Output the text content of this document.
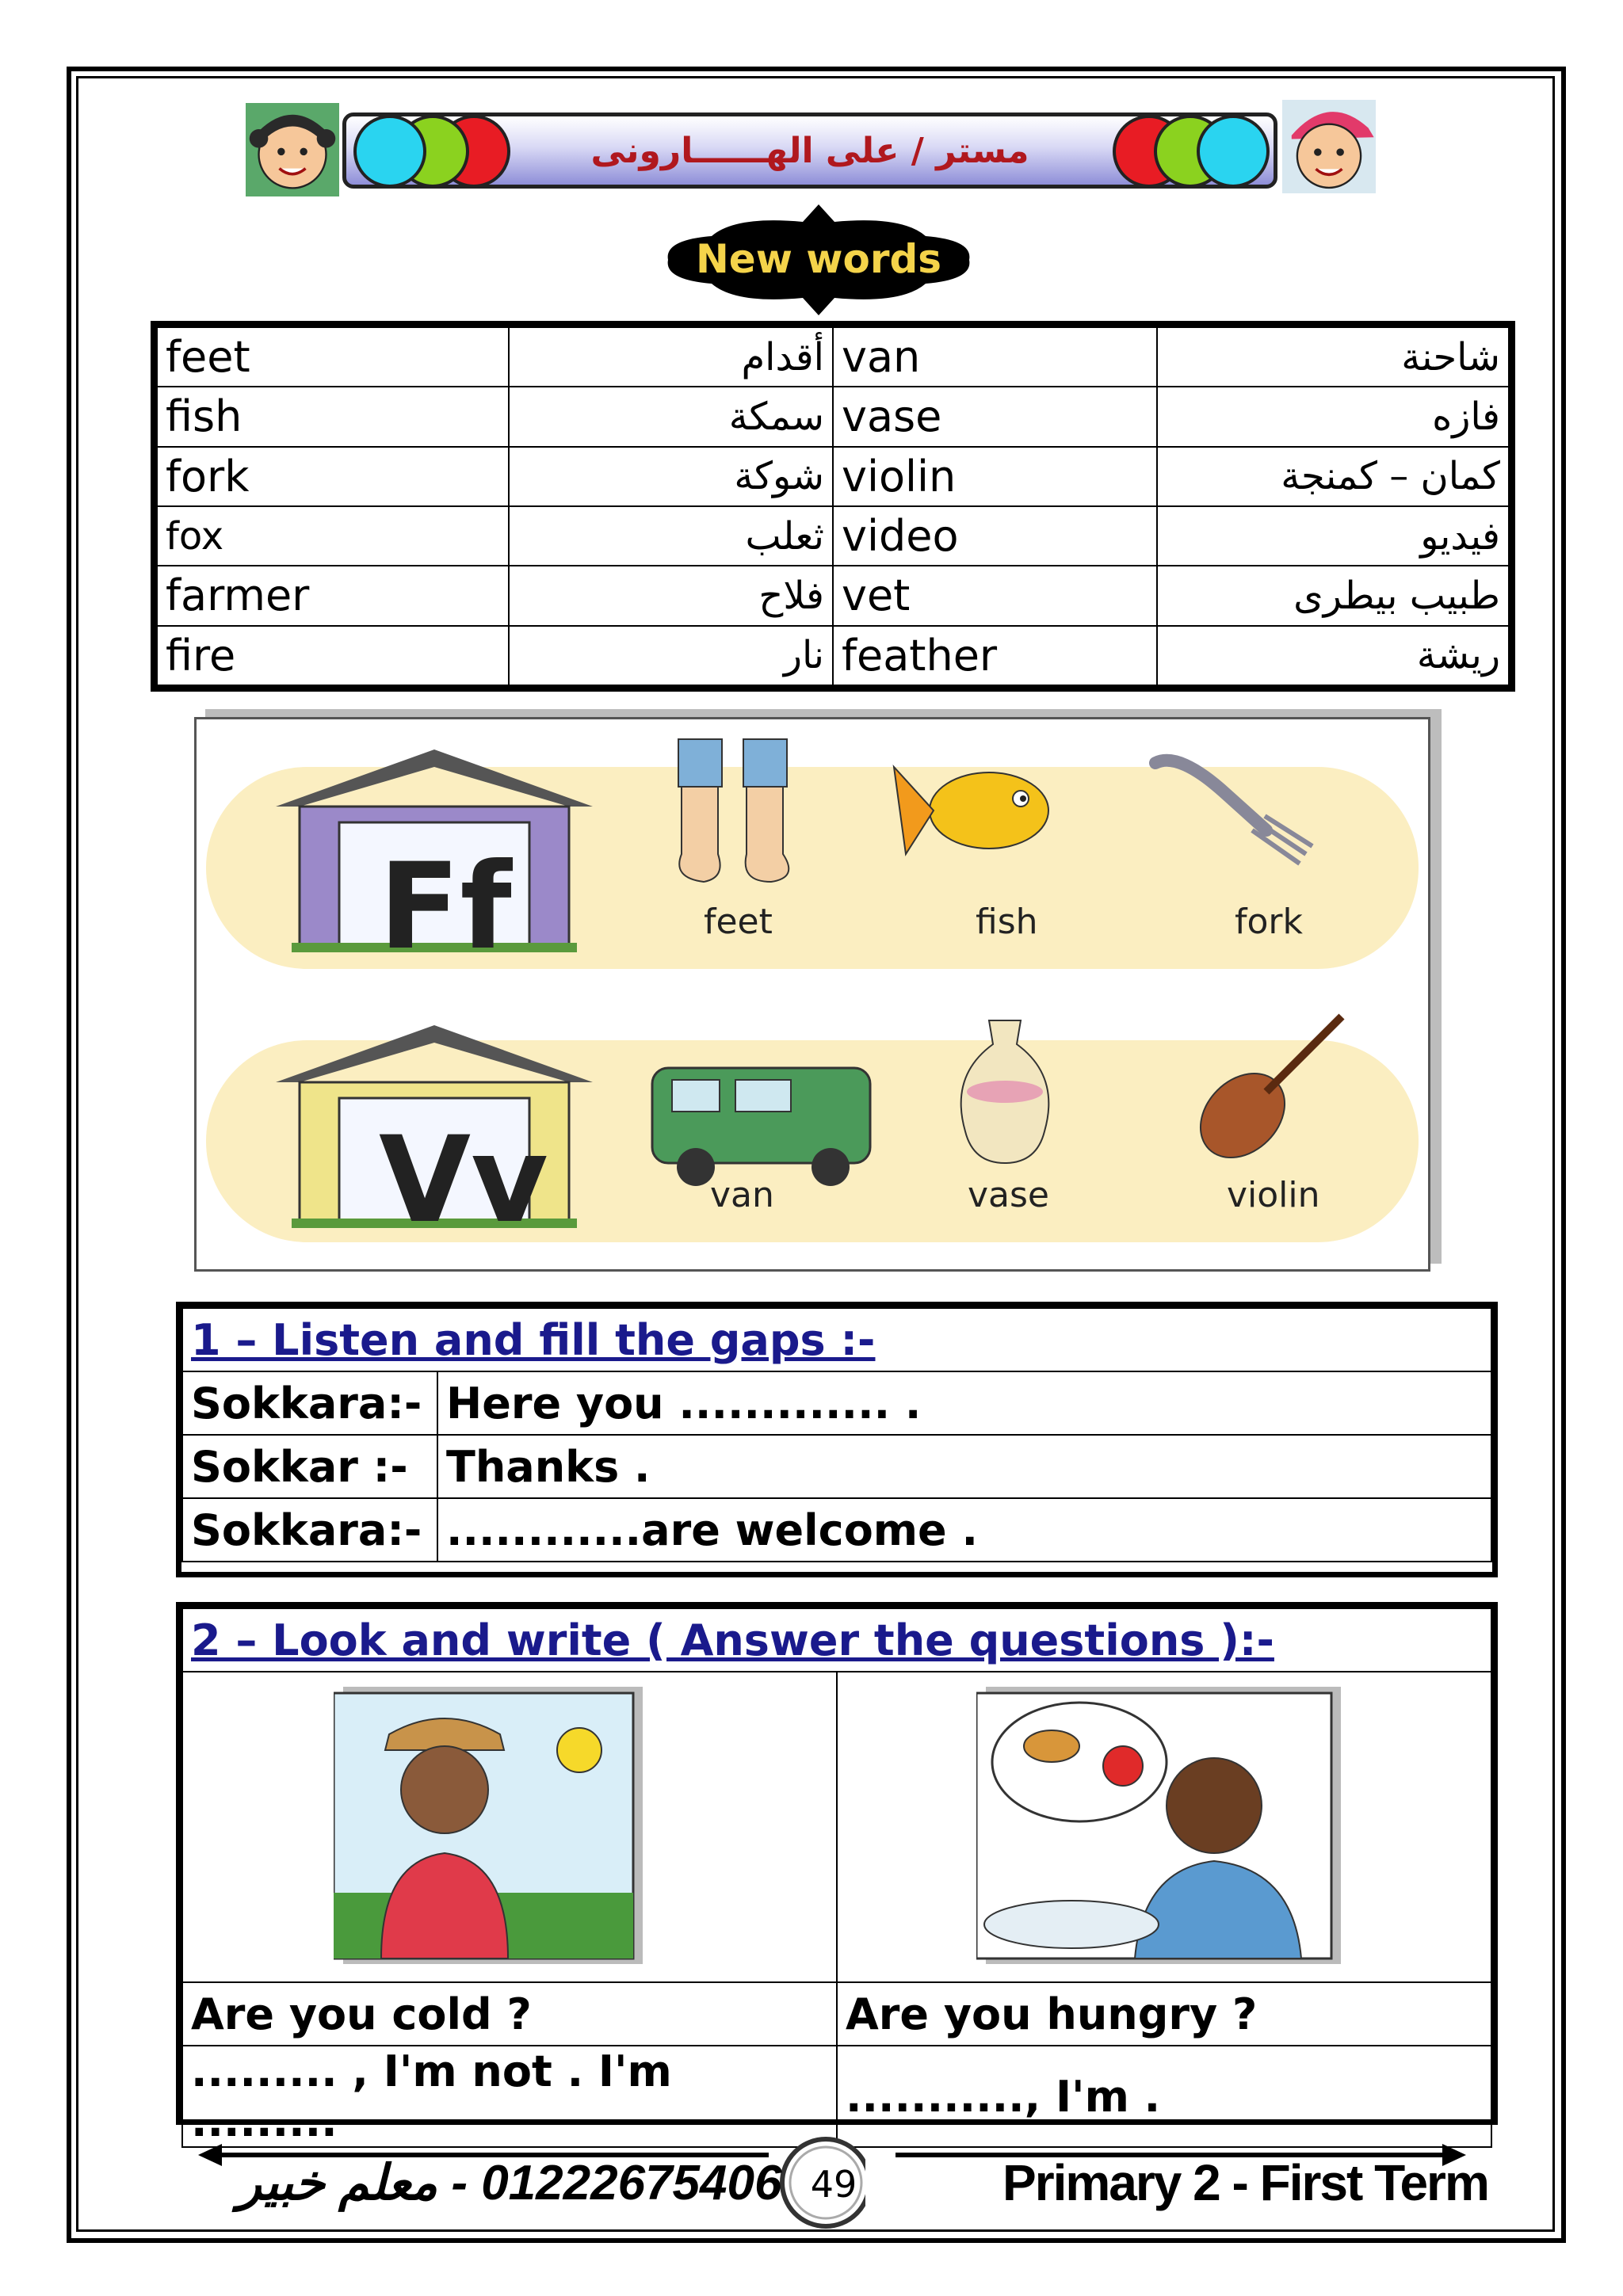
مستر / على الهــــــارونى
New words
feet	أقدام	van	شاحنة
fish	سمكة	vase	فازه
fork	شوكة	violin	كمان – كمنجة
fox	ثعلب	video	فيديو
farmer	فلاح	vet	طبيب بيطرى
fire	نار	feather	ريشة
Ff
Vv
feet	fish	fork
van	vase	violin
1 – Listen and fill the gaps :-	
Sokkara:-	Here you ............. .
Sokkar :-	Thanks .
Sokkara:-	............are welcome .
2 – Look and write ( Answer the questions ):-	

Are you cold ?	Are you hungry ?
......... , I'm not . I'm .........	..........., I'm .
49
01222675406 - معلم خبير	Primary 2 - First Term
